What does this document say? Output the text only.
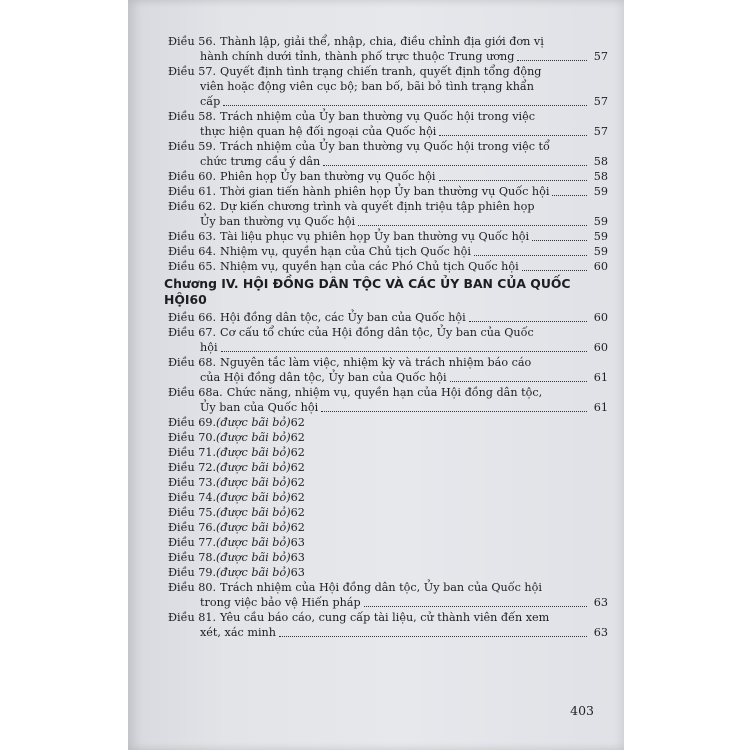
Điều 56. Thành lập, giải thể, nhập, chia, điều chỉnh địa giới đơn vị
hành chính dưới tỉnh, thành phố trực thuộc Trung ương	57
Điều 57. Quyết định tình trạng chiến tranh, quyết định tổng động
viên hoặc động viên cục bộ; ban bố, bãi bỏ tình trạng khẩn
cấp	57
Điều 58. Trách nhiệm của Ủy ban thường vụ Quốc hội trong việc
thực hiện quan hệ đối ngoại của Quốc hội	57
Điều 59. Trách nhiệm của Ủy ban thường vụ Quốc hội trong việc tổ
chức trưng cầu ý dân	58
Điều 60. Phiên họp Ủy ban thường vụ Quốc hội	58
Điều 61. Thời gian tiến hành phiên họp Ủy ban thường vụ Quốc hội	59
Điều 62. Dự kiến chương trình và quyết định triệu tập phiên họp
Ủy ban thường vụ Quốc hội	59
Điều 63. Tài liệu phục vụ phiên họp Ủy ban thường vụ Quốc hội	59
Điều 64. Nhiệm vụ, quyền hạn của Chủ tịch Quốc hội	59
Điều 65. Nhiệm vụ, quyền hạn của các Phó Chủ tịch Quốc hội	60
Chương IV. HỘI ĐỒNG DÂN TỘC VÀ CÁC ỦY BAN CỦA QUỐC
HỘI 60
Điều 66. Hội đồng dân tộc, các Ủy ban của Quốc hội	60
Điều 67. Cơ cấu tổ chức của Hội đồng dân tộc, Ủy ban của Quốc
hội	60
Điều 68. Nguyên tắc làm việc, nhiệm kỳ và trách nhiệm báo cáo
của Hội đồng dân tộc, Ủy ban của Quốc hội	61
Điều 68a. Chức năng, nhiệm vụ, quyền hạn của Hội đồng dân tộc,
Ủy ban của Quốc hội	61
Điều 69. (được bãi bỏ) 62
Điều 70. (được bãi bỏ) 62
Điều 71. (được bãi bỏ) 62
Điều 72. (được bãi bỏ) 62
Điều 73. (được bãi bỏ) 62
Điều 74. (được bãi bỏ) 62
Điều 75. (được bãi bỏ) 62
Điều 76. (được bãi bỏ) 62
Điều 77. (được bãi bỏ) 63
Điều 78. (được bãi bỏ) 63
Điều 79. (được bãi bỏ) 63
Điều 80. Trách nhiệm của Hội đồng dân tộc, Ủy ban của Quốc hội
trong việc bảo vệ Hiến pháp	63
Điều 81. Yêu cầu báo cáo, cung cấp tài liệu, cử thành viên đến xem
xét, xác minh	63
403
